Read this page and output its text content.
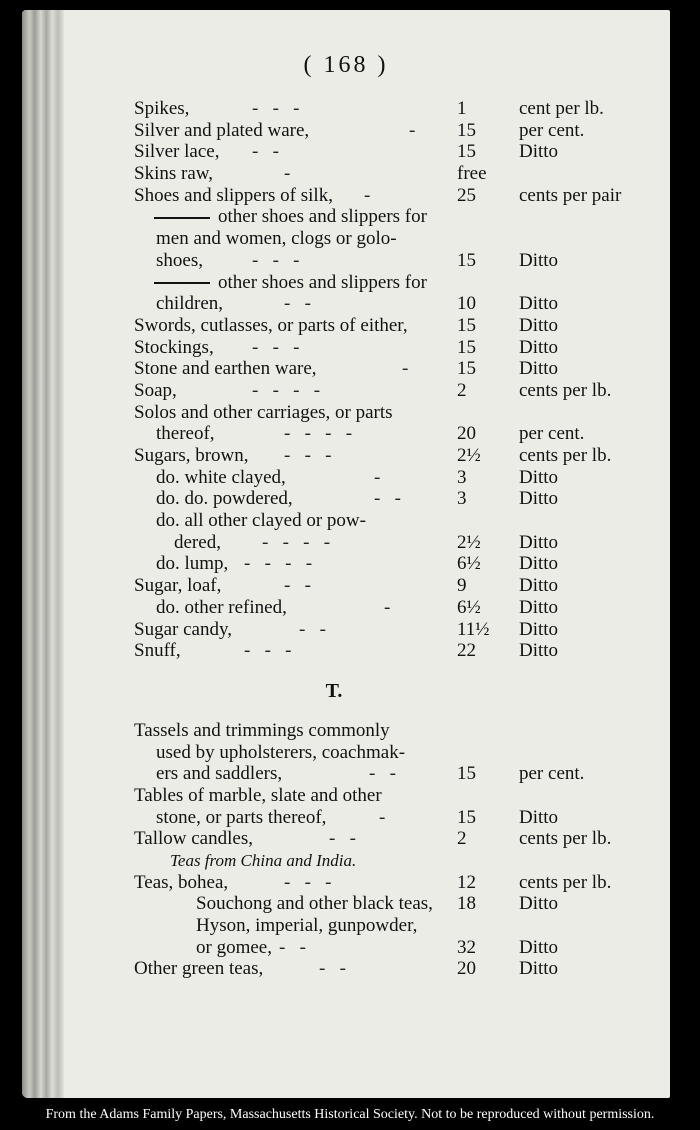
( 168 )
Spikes,	-   -   -	1	cent per lb.
Silver and plated ware,	- 15 per cent.
Silver lace, -   -	15 Ditto
Skins raw,	-	free
Shoes and slippers of silk, -	25 cents per pair
other shoes and slippers for
men and women, clogs or golo-
shoes,	-   -   -	15 Ditto
other shoes and slippers for
children,	-   -	10 Ditto
Swords, cutlasses, or parts of either,	15 Ditto
Stockings, -   -   -	15 Ditto
Stone and earthen ware,	-	15 Ditto
Soap,	-   -   -   -	2	cents per lb.
Solos and other carriages, or parts
thereof,	-   -   -   -	20 per cent.
Sugars, brown, -   -   -	2½ cents per lb.
do. white clayed,	-	3	Ditto
do. do. powdered,	-   -	3	Ditto
do. all other clayed or pow-
dered, -   -   -   -	2½ Ditto
do. lump, -   -   -   -	6½ Ditto
Sugar, loaf,	-   -	9	Ditto
do. other refined,	-	6½ Ditto
Sugar candy,	-   -	11½ Ditto
Snuff,	-   -   -	22 Ditto
T.
Tassels and trimmings commonly
used by upholsterers, coachmak-
ers and saddlers,	-   -	15 per cent.
Tables of marble, slate and other
stone, or parts thereof,	-	15 Ditto
Tallow candles,	-   -	2	cents per lb.
Teas from China and India.
Teas, bohea,	-   -   -	12 cents per lb.
Souchong and other black teas, 18 Ditto
Hyson, imperial, gunpowder,
or gomee, -   -	32 Ditto
Other green teas,	-   -	20 Ditto
From the Adams Family Papers, Massachusetts Historical Society. Not to be reproduced without permission.
